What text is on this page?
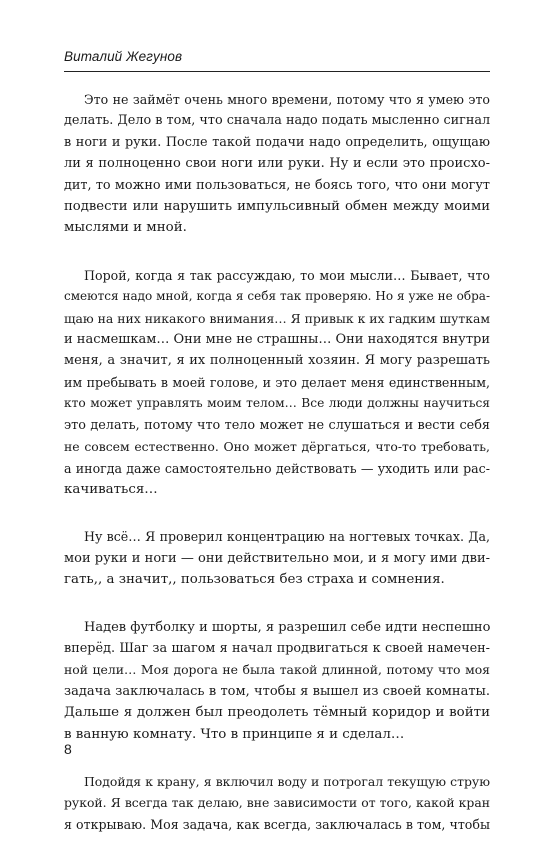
Виталий Жегунов
Это не займёт очень много времени, потому что я умею это
делать. Дело в том, что сначала надо подать мысленно сигнал
в ноги и руки. После такой подачи надо определить, ощущаю
ли я полноценно свои ноги или руки. Ну и если это происхо-
дит, то можно ими пользоваться, не боясь того, что они могут
подвести или нарушить импульсивный обмен между моими
мыслями и мной.
Порой, когда я так рассуждаю, то мои мысли… Бывает, что
смеются надо мной, когда я себя так проверяю. Но я уже не обра-
щаю на них никакого внимания… Я привык к их гадким шуткам
и насмешкам… Они мне не страшны… Они находятся внутри
меня, а значит, я их полноценный хозяин. Я могу разрешать
им пребывать в моей голове, и это делает меня единственным,
кто может управлять моим телом… Все люди должны научиться
это делать, потому что тело может не слушаться и вести себя
не совсем естественно. Оно может дёргаться, что-то требовать,
а иногда даже самостоятельно действовать — уходить или рас-
качиваться…
Ну всё… Я проверил концентрацию на ногтевых точках. Да,
мои руки и ноги — они действительно мои, и я могу ими дви-
гать,, а значит,, пользоваться без страха и сомнения.
Надев футболку и шорты, я разрешил себе идти неспешно
вперёд. Шаг за шагом я начал продвигаться к своей намечен-
ной цели… Моя дорога не была такой длинной, потому что моя
задача заключалась в том, чтобы я вышел из своей комнаты.
Дальше я должен был преодолеть тёмный коридор и войти
в ванную комнату. Что в принципе я и сделал…
Подойдя к крану, я включил воду и потрогал текущую струю
рукой. Я всегда так делаю, вне зависимости от того, какой кран
я открываю. Моя задача, как всегда, заключалась в том, чтобы
8
